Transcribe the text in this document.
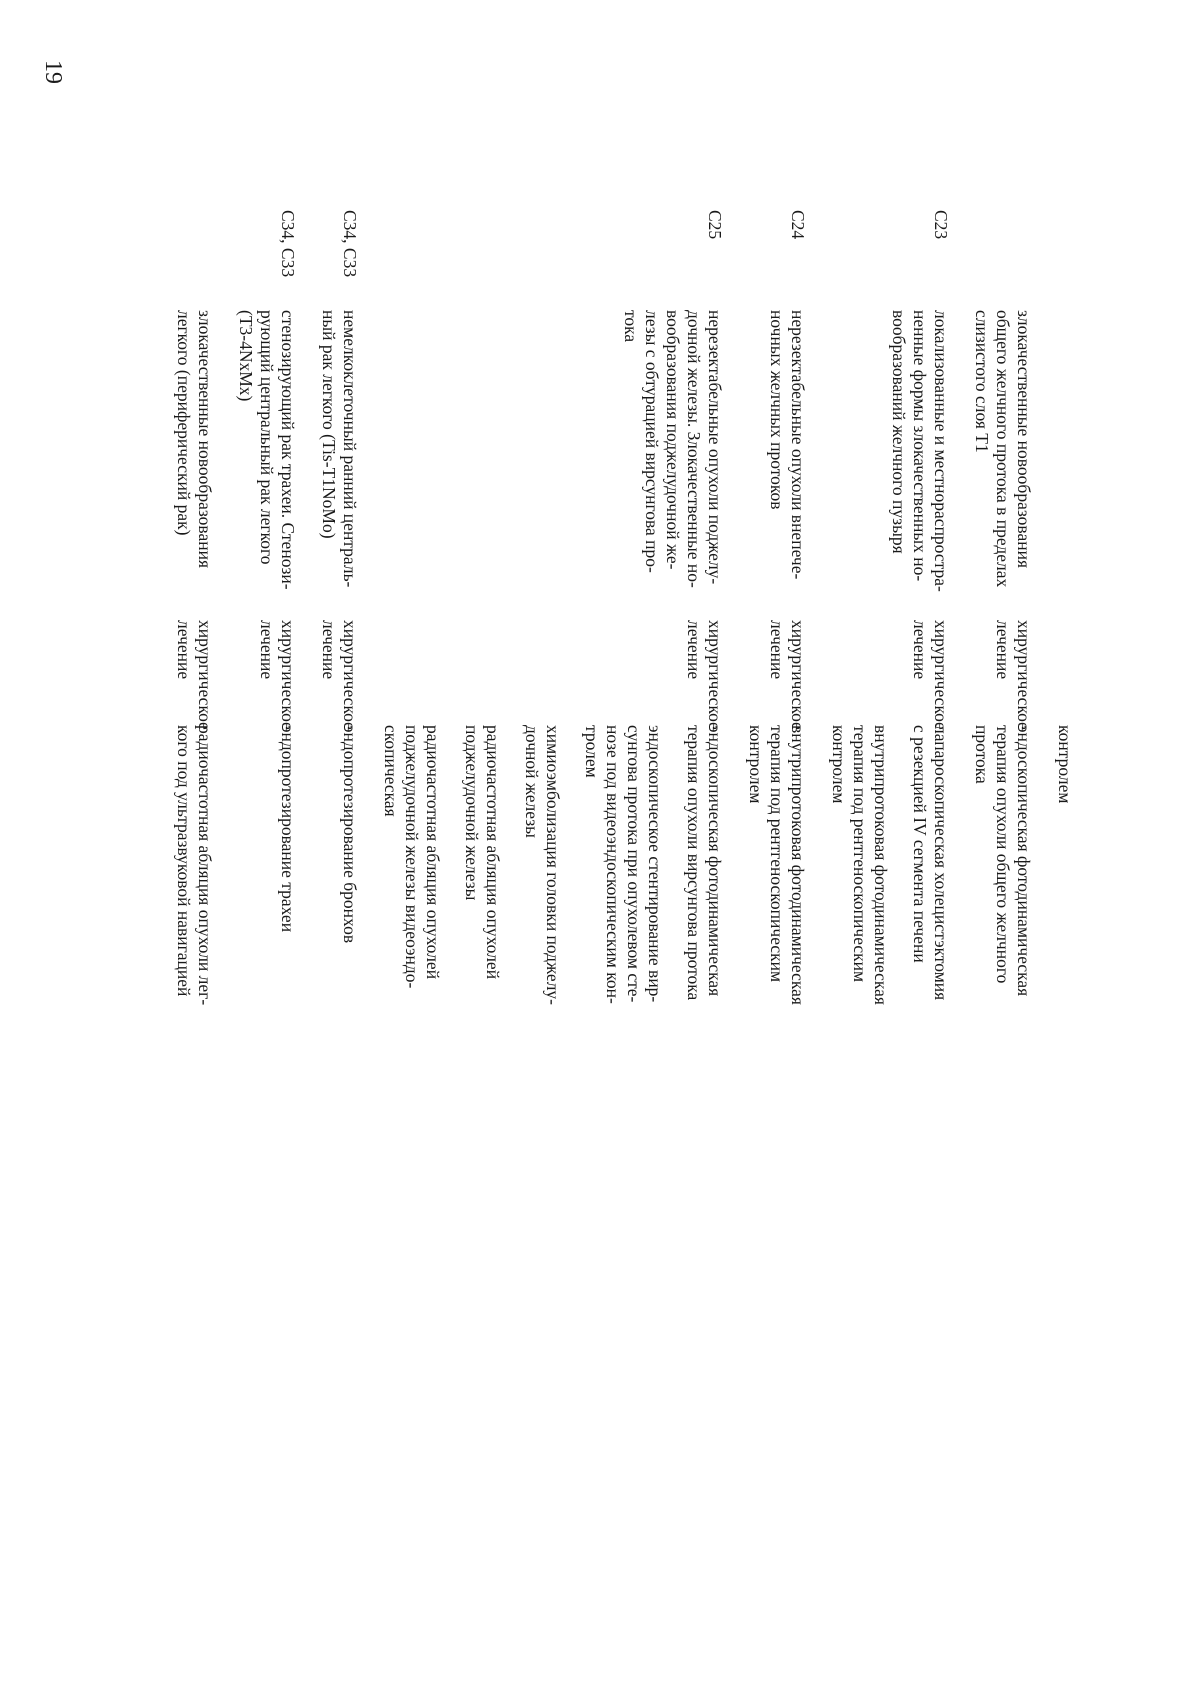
19
контролем
злокачественные новообразования
общего желчного протока в пределах
слизистого слоя T1
хирургическое
лечение
эндоскопическая фотодинамическая
терапия опухоли общего желчного
протока
C23
локализованные и местнораспростра-
ненные формы злокачественных но-
вообразований желчного пузыря
хирургическое
лечение
лапароскопическая холецистэктомия
с резекцией IV сегмента печени
внутрипротоковая фотодинамическая
терапия под рентгеноскопическим
контролем
C24
нерезектабельные опухоли внепече-
ночных желчных протоков
хирургическое
лечение
внутрипротоковая фотодинамическая
терапия под рентгеноскопическим
контролем
C25
нерезектабельные опухоли поджелу-
дочной железы. Злокачественные но-
вообразования поджелудочной же-
лезы с обтурацией вирсунгова про-
тока
хирургическое
лечение
эндоскопическая фотодинамическая
терапия опухоли вирсунгова протока
эндоскопическое стентирование вир-
сунгова протока при опухолевом сте-
нозе под видеоэндоскопическим кон-
тролем
химиоэмболизация головки поджелу-
дочной железы
радиочастотная абляция опухолей
поджелудочной железы
радиочастотная абляция опухолей
поджелудочной железы видеоэндо-
скопическая
C34, C33
немелкоклеточный ранний централь-
ный рак легкого (Tis-T1NoMo)
хирургическое
лечение
эндопротезирование бронхов
C34, C33
стенозирующий рак трахеи. Стенози-
рующий центральный рак легкого
(T3-4NxMx)
хирургическое
лечение
эндопротезирование трахеи
злокачественные новообразования
легкого (периферический рак)
хирургическое
лечение
радиочастотная абляция опухоли лег-
кого под ультразвуковой навигацией
